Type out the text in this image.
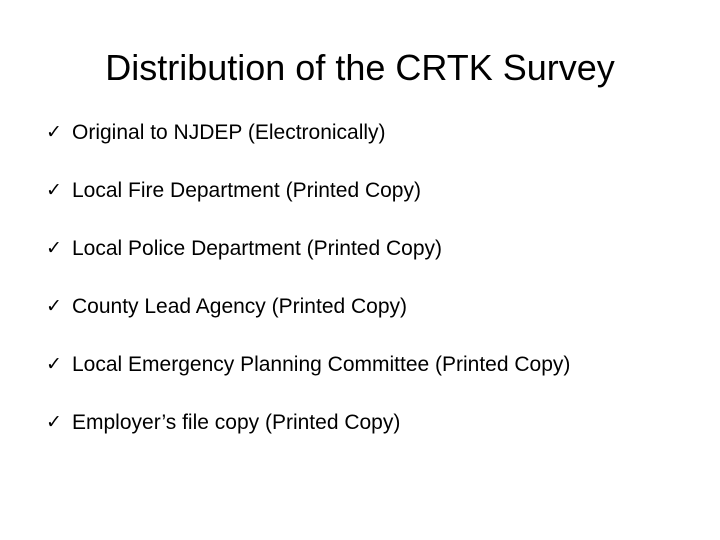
Distribution of the CRTK Survey
✓ Original to NJDEP (Electronically)
✓ Local Fire Department (Printed Copy)
✓ Local Police Department (Printed Copy)
✓ County Lead Agency (Printed Copy)
✓ Local Emergency Planning Committee (Printed Copy)
✓ Employer’s file copy (Printed Copy)
